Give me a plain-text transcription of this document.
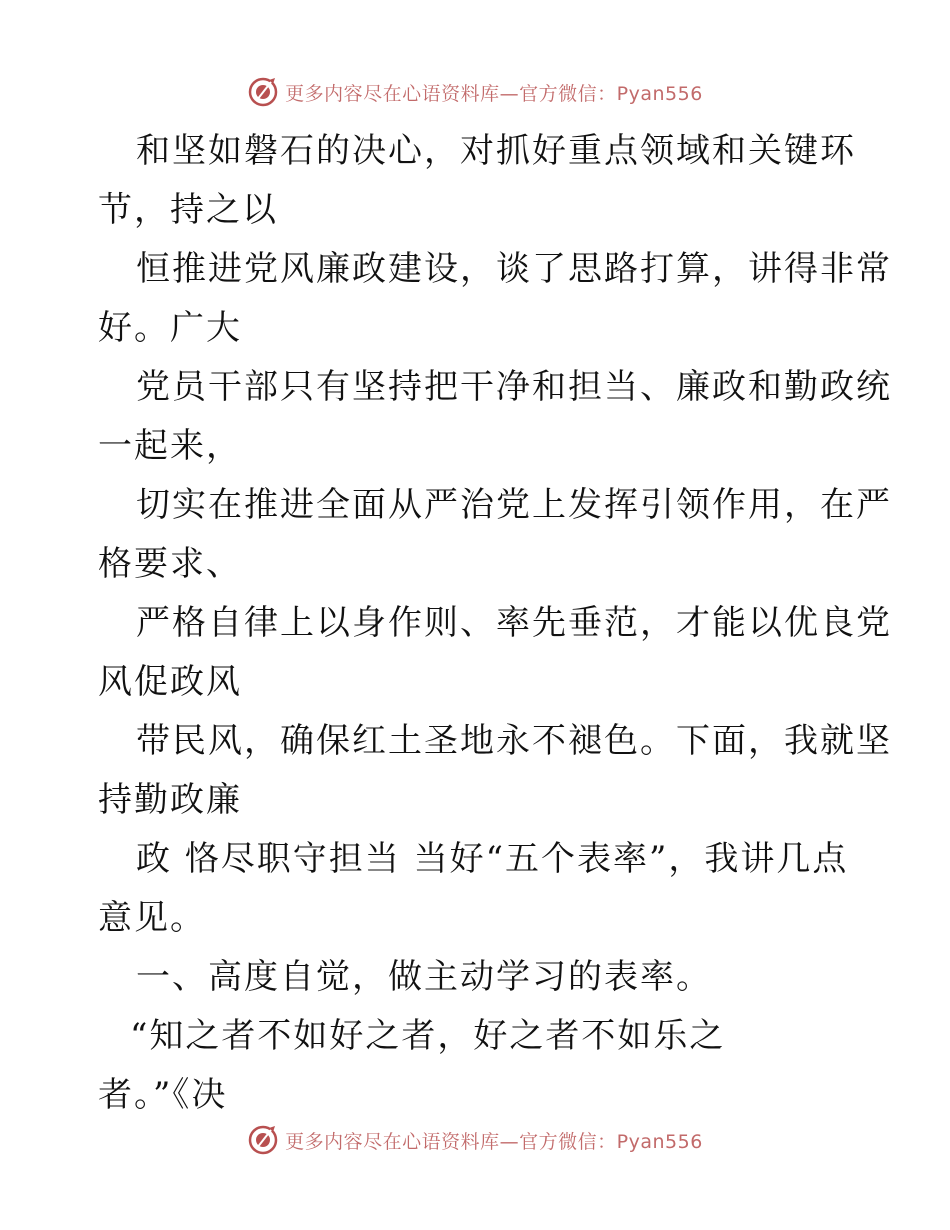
更多内容尽在心语资料库—官方微信：Pyan556
和坚如磐石的决心，对抓好重点领域和关键环
节，持之以
恒推进党风廉政建设，谈了思路打算，讲得非常
好。广大
党员干部只有坚持把干净和担当、廉政和勤政统
一起来，
切实在推进全面从严治党上发挥引领作用，在严
格要求、
严格自律上以身作则、率先垂范，才能以优良党
风促政风
带民风，确保红土圣地永不褪色。下面，我就坚
持勤政廉
政 恪尽职守担当 当好“五个表率”，我讲几点
意见。
一、高度自觉，做主动学习的表率。
“知之者不如好之者，好之者不如乐之
者。”《决
更多内容尽在心语资料库—官方微信：Pyan556
